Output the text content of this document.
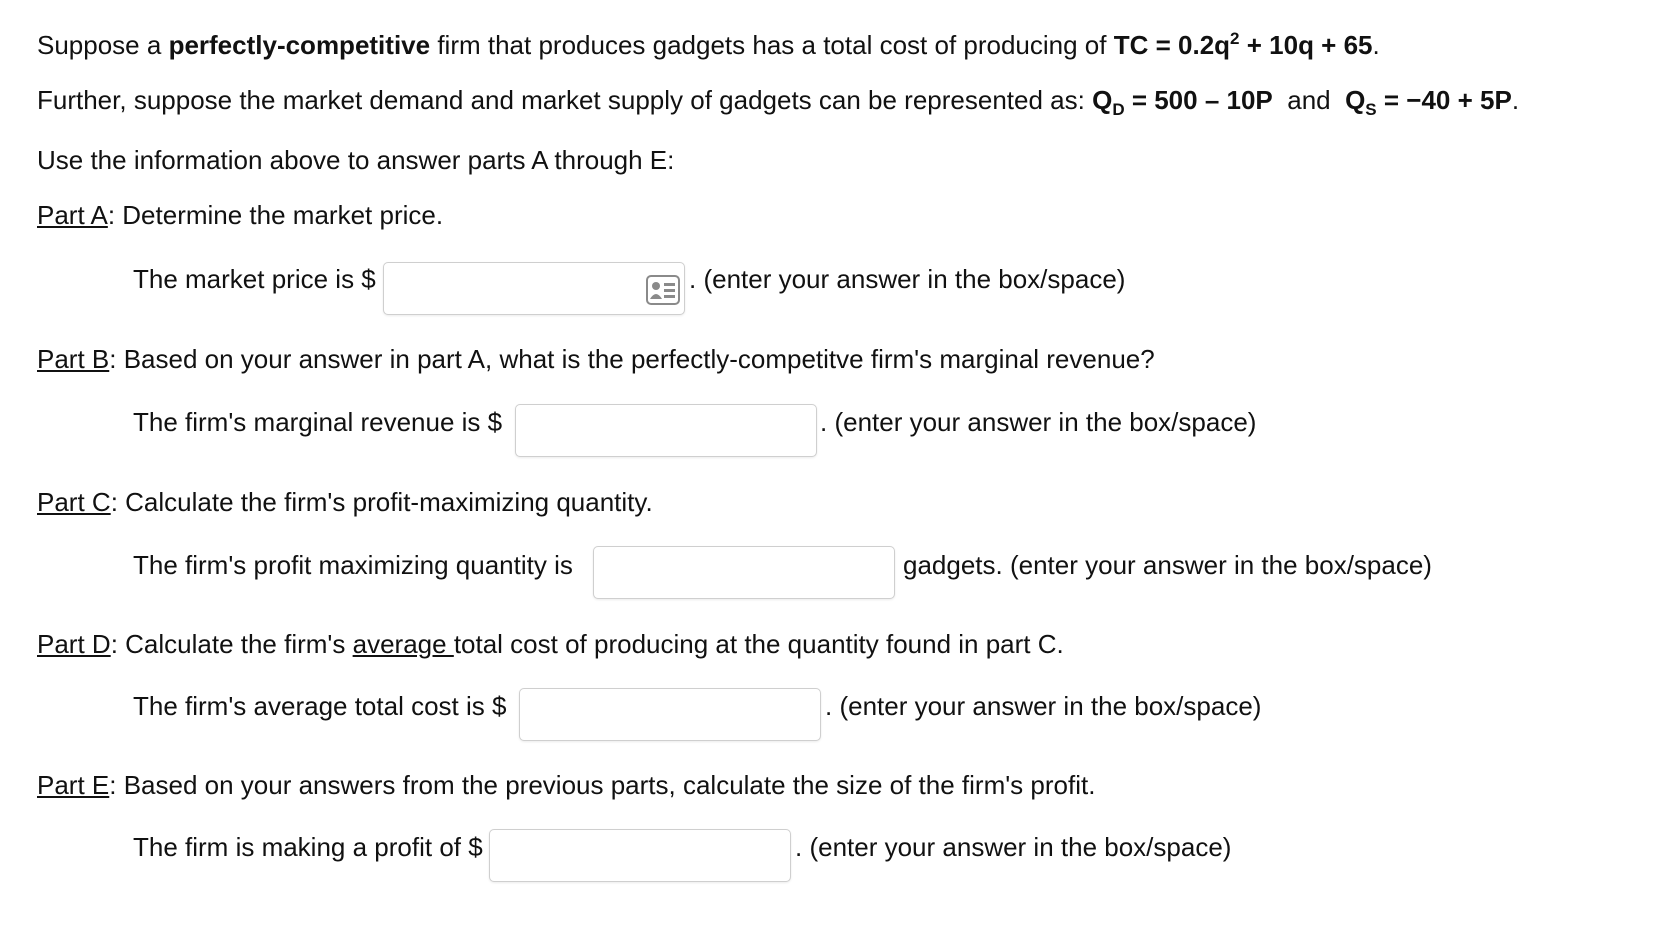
Suppose a perfectly-competitive firm that produces gadgets has a total cost of producing of TC = $0.2q^2 + 10q + 65$.
Further, suppose the market demand and market supply of gadgets can be represented as: $Q_D = 500 - 10P$  and  $Q_S = -40 + 5P$.
Use the information above to answer parts A through E:
Part A: Determine the market price.
The market price is $	. (enter your answer in the box/space)
Part B: Based on your answer in part A, what is the perfectly-competitve firm's marginal revenue?
The firm's marginal revenue is $	. (enter your answer in the box/space)
Part C: Calculate the firm's profit-maximizing quantity.
The firm's profit maximizing quantity is	gadgets. (enter your answer in the box/space)
Part D: Calculate the firm's average total cost of producing at the quantity found in part C.
The firm's average total cost is $	. (enter your answer in the box/space)
Part E: Based on your answers from the previous parts, calculate the size of the firm's profit.
The firm is making a profit of $	. (enter your answer in the box/space)
